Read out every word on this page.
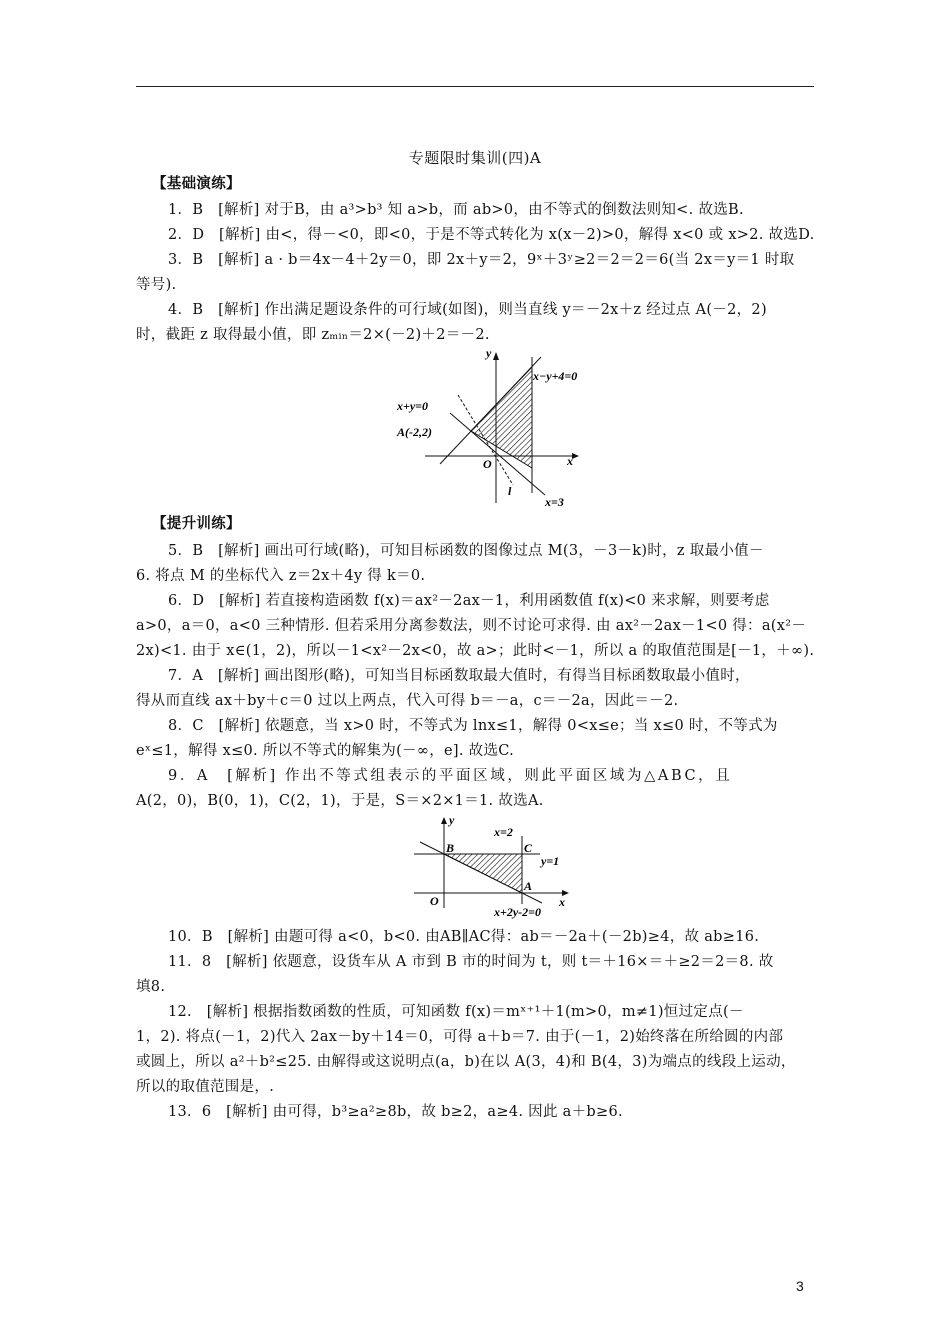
专题限时集训(四)A
【基础演练】
1．B　[解析] 对于B，由 a³>b³ 知 a>b，而 ab>0，由不等式的倒数法则知<. 故选B.
2．D　[解析] 由<，得－<0，即<0，于是不等式转化为 x(x－2)>0，解得 x<0 或 x>2. 故选D.
3．B　[解析] a · b＝4x－4＋2y＝0，即 2x＋y＝2，9ˣ＋3ʸ≥2＝2＝2＝6(当 2x＝y＝1 时取
等号).
4．B　[解析] 作出满足题设条件的可行域(如图)，则当直线 y＝－2x＋z 经过点 A(－2，2)
时，截距 z 取得最小值，即 zₘᵢₙ＝2×(－2)＋2＝－2.
y
x
x−y+4=0
x+y=0
A(-2,2)
O
l
x=3
【提升训练】
5．B　[解析] 画出可行域(略)，可知目标函数的图像过点 M(3，－3－k)时，z 取最小值－
6. 将点 M 的坐标代入 z＝2x＋4y 得 k＝0.
6．D　[解析] 若直接构造函数 f(x)＝ax²－2ax－1，利用函数值 f(x)<0 来求解，则要考虑
a>0，a＝0，a<0 三种情形. 但若采用分离参数法，则不讨论可求得. 由 ax²－2ax－1<0 得：a(x²－
2x)<1. 由于 x∈(1，2)，所以－1<x²－2x<0，故 a>；此时<－1，所以 a 的取值范围是[－1，＋∞).
7．A　[解析] 画出图形(略)，可知当目标函数取最大值时，有得当目标函数取最小值时，
得从而直线 ax＋by＋c＝0 过以上两点，代入可得 b＝－a，c＝－2a，因此＝－2.
8．C　[解析] 依题意，当 x>0 时，不等式为 lnx≤1，解得 0<x≤e；当 x≤0 时，不等式为
eˣ≤1，解得 x≤0. 所以不等式的解集为(－∞，e]. 故选C.
9．A　[解析] 作出不等式组表示的平面区域，则此平面区域为△ABC，且
A(2，0)，B(0，1)，C(2，1)，于是，S＝×2×1＝1. 故选A.
y
x
x=2
y=1
x+2y-2=0
B	C
A
O
10．B　[解析] 由题可得 a<0，b<0. 由AB∥AC得：ab＝－2a＋(－2b)≥4，故 ab≥16.
11．8　[解析] 依题意，设货车从 A 市到 B 市的时间为 t，则 t＝＋16×＝＋≥2＝2＝8. 故
填8.
12.　[解析] 根据指数函数的性质，可知函数 f(x)＝mˣ⁺¹＋1(m>0，m≠1)恒过定点(－
1，2). 将点(－1，2)代入 2ax－by＋14＝0，可得 a＋b＝7. 由于(－1，2)始终落在所给圆的内部
或圆上，所以 a²＋b²≤25. 由解得或这说明点(a，b)在以 A(3，4)和 B(4，3)为端点的线段上运动，
所以的取值范围是，.
13．6　[解析] 由可得，b³≥a²≥8b，故 b≥2，a≥4. 因此 a＋b≥6.
3
